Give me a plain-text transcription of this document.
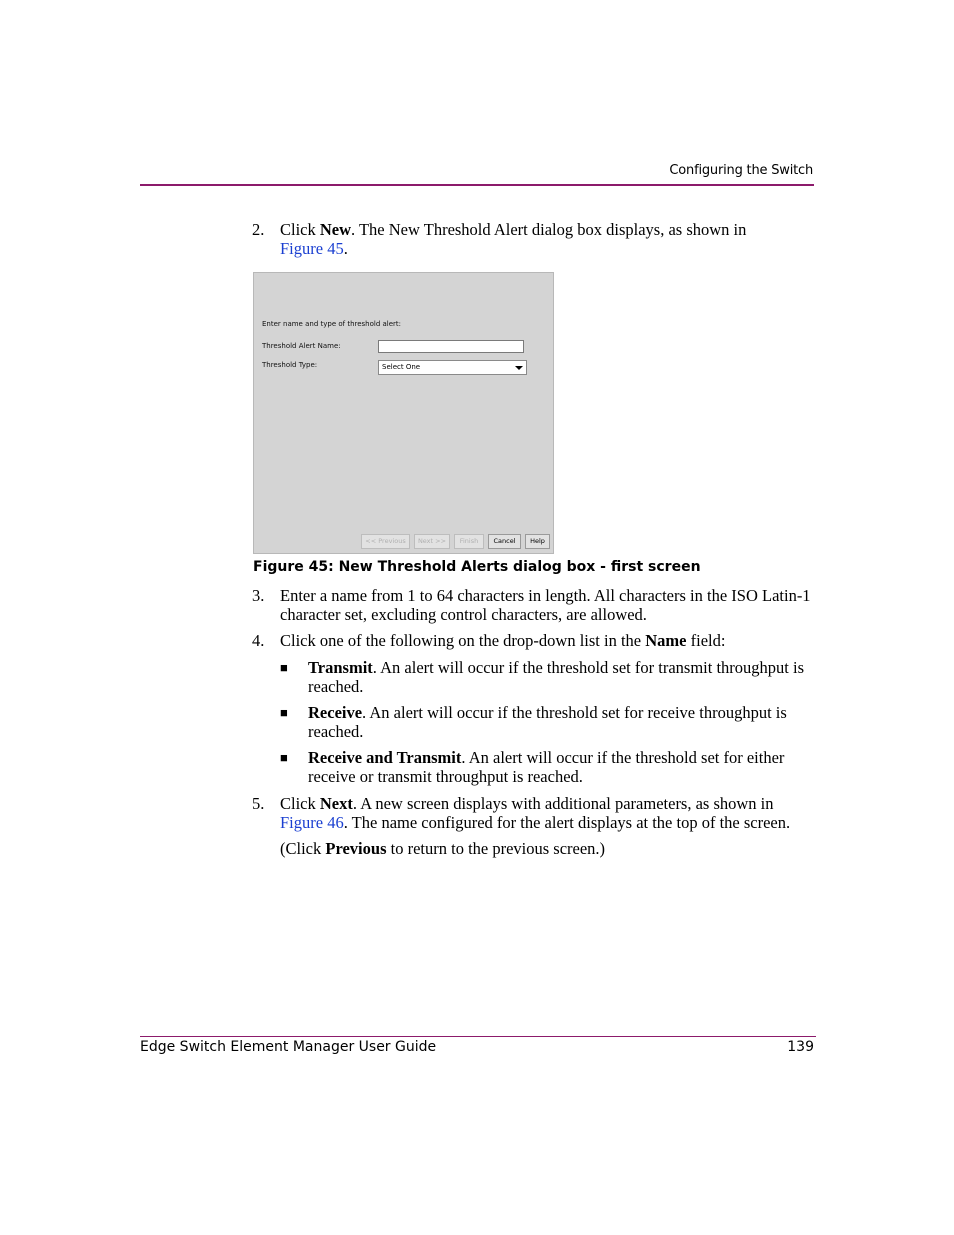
Configuring the Switch
2. Click New. The New Threshold Alert dialog box displays, as shown in
Figure 45.
Enter name and type of threshold alert:
Threshold Alert Name:
Threshold Type:	Select One
<< Previous	Next >>	Finish	Cancel	Help
Figure 45: New Threshold Alerts dialog box - first screen
3. Enter a name from 1 to 64 characters in length. All characters in the ISO Latin-1 character set, excluding control characters, are allowed.
4. Click one of the following on the drop-down list in the Name field:
■ Transmit. An alert will occur if the threshold set for transmit throughput is reached.
■ Receive. An alert will occur if the threshold set for receive throughput is reached.
■ Receive and Transmit. An alert will occur if the threshold set for either receive or transmit throughput is reached.
5. Click Next. A new screen displays with additional parameters, as shown in Figure 46. The name configured for the alert displays at the top of the screen.
(Click Previous to return to the previous screen.)
Edge Switch Element Manager User Guide	139
